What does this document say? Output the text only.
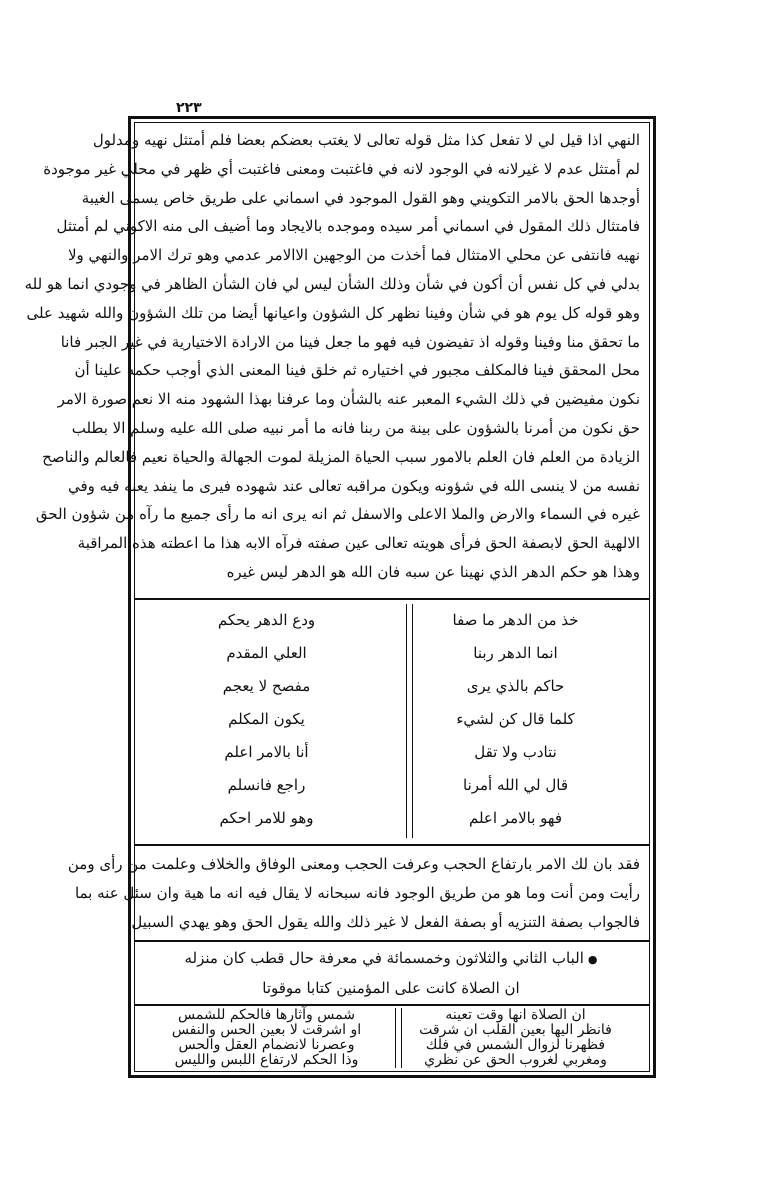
٢٢٣

النهي اذا قيل لي لا تفعل كذا مثل قوله تعالى لا يغتب بعضكم بعضا فلم أمتثل نهيه ومدلول

لم أمتثل عدم لا غيرلانه في الوجود لانه في فاغتبت ومعنى فاغتبت أي ظهر في محلي غير موجودة

أوجدها الحق بالامر التكويني وهو القول الموجود في اسماني على طريق خاص يسمى الغيبة

فامتثال ذلك المقول في اسماني أمر سيده وموجده بالايجاد وما أضيف الى منه الاكوني لم أمتثل

نهيه فانتفى عن محلي الامتثال فما أخذت من الوجهين الاالامر عدمي وهو ترك الامر والنهي ولا

بدلي في كل نفس أن أكون في شأن وذلك الشأن ليس لي فان الشأن الظاهر في وجودي انما هو لله

وهو قوله كل يوم هو في شأن وفينا نظهر كل الشؤون واعيانها أيضا من تلك الشؤون والله شهيد على

ما تحقق منا وفينا وقوله اذ تفيضون فيه فهو ما جعل فينا من الارادة الاختيارية في غير الجبر فانا

محل المحقق فينا فالمكلف مجبور في اختياره ثم خلق فينا المعنى الذي أوجب حكمه علينا أن

نكون مفيضين في ذلك الشيء المعبر عنه بالشأن وما عرفنا بهذا الشهود منه الا نعم صورة الامر

حق نكون من أمرنا بالشؤون على بينة من ربنا فانه ما أمر نبيه صلى الله عليه وسلم الا بطلب

الزيادة من العلم فان العلم بالامور سبب الحياة المزيلة لموت الجهالة والحياة نعيم فالعالم والناصح

نفسه من لا ينسى الله في شؤونه ويكون مراقبه تعالى عند شهوده فيرى ما ينفد يعنه فيه وفي

غيره في السماء والارض والملا الاعلى والاسفل ثم انه يرى انه ما رأى جميع ما رآه من شؤون الحق

الالهية الحق لابصفة الحق فرأى هويته تعالى عين صفته فرآه الابه هذا ما اعطته هذه المراقبة

وهذا هو حكم الدهر الذي نهينا عن سبه فان الله هو الدهر ليس غيره

خذ من الدهر ما صفا
انما الدهر ربنا
حاكم بالذي يرى
كلما قال كن لشيء
نتادب ولا تقل
قال لي الله أمرنا
فهو بالامر اعلم
ودع الدهر يحكم
العلي المقدم
مفصح لا يعجم
يكون المكلم
أنا بالامر اعلم
راجع فانسلم
وهو للامر احكم

فقد بان لك الامر بارتفاع الحجب وعرفت الحجب ومعنى الوفاق والخلاف وعلمت من رأى ومن

رأيت ومن أنت وما هو من طريق الوجود فانه سبحانه لا يقال فيه انه ما هية وان سئل عنه بما

فالجواب بصفة التنزيه أو بصفة الفعل لا غير ذلك والله يقول الحق وهو يهدي السبيل

●الباب الثاني والثلاثون وخمسمائة في معرفة حال قطب كان منزله
ان الصلاة كانت على المؤمنين كتابا موقوتا
ان الصلاة انها وقت تعينه
فانظر اليها بعين القلب ان شرقت
فظهرنا لزوال الشمس في فلك
ومغربي لغروب الحق عن نظري
شمس وآثارها فالحكم للشمس
او اشرقت لا بعين الحس والنفس
وعصرنا لانضمام العقل والحس
وذا الحكم لارتفاع اللبس والليس
